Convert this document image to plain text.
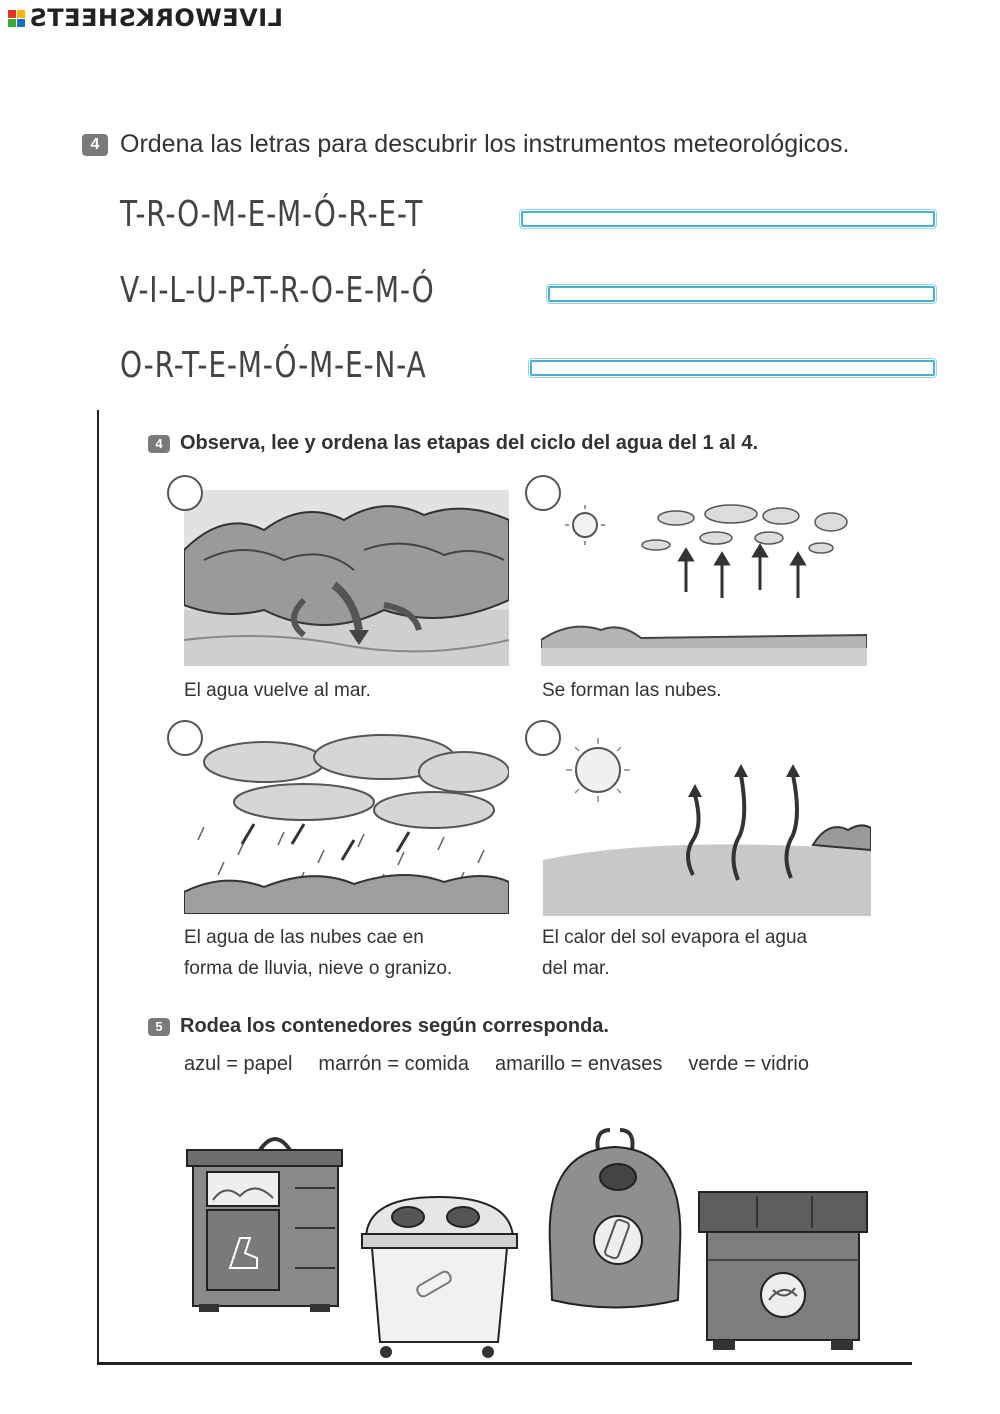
LIVEWORKSHEETS
4 Ordena las letras para descubrir los instrumentos meteorológicos.
T-R-O-M-E-M-Ó-R-E-T
V-I-L-U-P-T-R-O-E-M-Ó
O-R-T-E-M-Ó-M-E-N-A
4 Observa, lee y ordena las etapas del ciclo del agua del 1 al 4.
El agua vuelve al mar.	Se forman las nubes.
El agua de las nubes cae en
forma de lluvia, nieve o granizo.
El calor del sol evapora el agua
del mar.
5 Rodea los contenedores según corresponda.
azul = papel marrón = comida amarillo = envases verde = vidrio
